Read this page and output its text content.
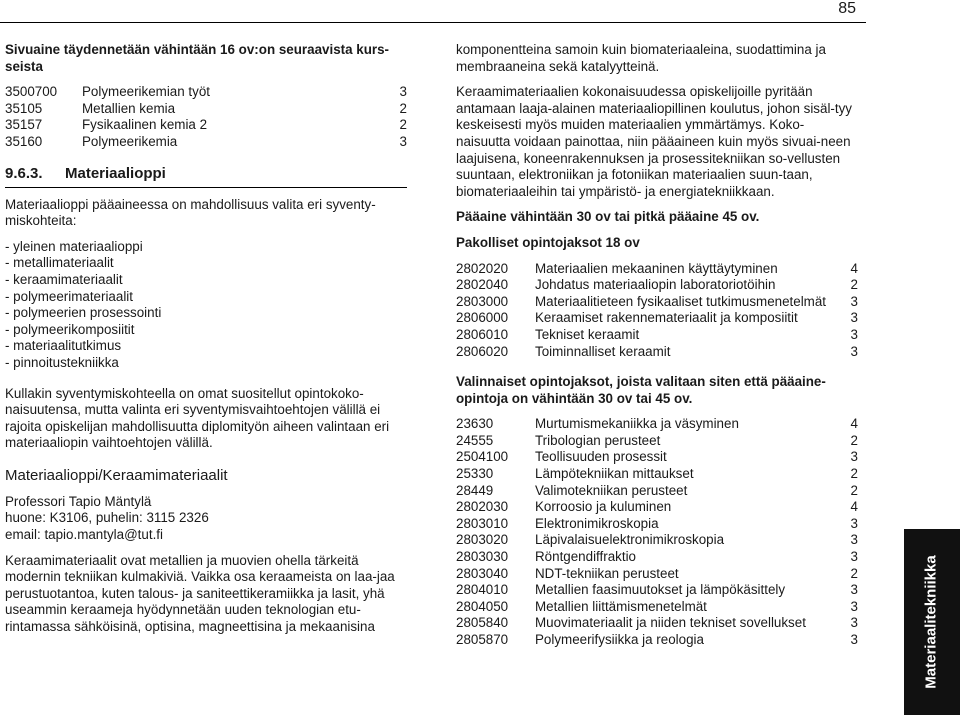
85

Sivuaine täydennetään vähintään 16 ov:on seuraavista kurs-seista

3500700	Polymeerikemian työt	3
35105	Metallien kemia	2
35157	Fysikaalinen kemia 2	2
35160	Polymeerikemia	3
9.6.3.	Materiaalioppi

Materiaalioppi pääaineessa on mahdollisuus valita eri syventy-miskohteita:

- yleinen materiaalioppi
- metallimateriaalit
- keraamimateriaalit
- polymeerimateriaalit
- polymeerien prosessointi
- polymeerikomposiitit
- materiaalitutkimus
- pinnoitustekniikka

Kullakin syventymiskohteella on omat suositellut opintokoko-naisuutensa, mutta valinta eri syventymisvaihtoehtojen välillä ei rajoita opiskelijan mahdollisuutta diplomityön aiheen valintaan eri materiaaliopin vaihtoehtojen välillä.

Materiaalioppi/Keraamimateriaalit

Professori Tapio Mäntylä
huone: K3106, puhelin: 3115 2326
email: tapio.mantyla@tut.fi

Keraamimateriaalit ovat metallien ja muovien ohella tärkeitä modernin tekniikan kulmakiviä. Vaikka osa keraameista on laa-jaa perustuotantoa, kuten talous- ja saniteettikeramiikka ja lasit, yhä useammin keraameja hyödynnetään uuden teknologian etu-rintamassa sähköisinä, optisina, magneettisina ja mekaanisina

komponentteina samoin kuin biomateriaaleina, suodattimina ja membraaneina sekä katalyytteinä.

Keraamimateriaalien kokonaisuudessa opiskelijoille pyritään antamaan laaja-alainen materiaaliopillinen koulutus, johon sisäl-tyy keskeisesti myös muiden materiaalien ymmärtämys. Koko-naisuutta voidaan painottaa, niin pääaineen kuin myös sivuai-neen laajuisena, koneenrakennuksen ja prosessitekniikan so-vellusten suuntaan, elektroniikan ja fotoniikan materiaalien suun-taan, biomateriaaleihin tai ympäristö- ja energiatekniikkaan.

Pääaine vähintään 30 ov tai pitkä pääaine 45 ov.

Pakolliset opintojaksot 18 ov

2802020	Materiaalien mekaaninen käyttäytyminen	4
2802040	Johdatus materiaaliopin laboratoriotöihin	2
2803000	Materiaalitieteen fysikaaliset tutkimusmenetelmät	3
2806000	Keraamiset rakennemateriaalit ja komposiitit	3
2806010	Tekniset keraamit	3
2806020	Toiminnalliset keraamit	3

Valinnaiset opintojaksot, joista valitaan siten että pääaine-opintoja on vähintään 30 ov tai 45 ov.

23630	Murtumismekaniikka ja väsyminen	4
24555	Tribologian perusteet	2
2504100	Teollisuuden prosessit	3
25330	Lämpötekniikan mittaukset	2
28449	Valimotekniikan perusteet	2
2802030	Korroosio ja kuluminen	4
2803010	Elektronimikroskopia	3
2803020	Läpivalaisuelektronimikroskopia	3
2803030	Röntgendiffraktio	3
2803040	NDT-tekniikan perusteet	2
2804010	Metallien faasimuutokset ja lämpökäsittely	3
2804050	Metallien liittämismenetelmät	3
2805840	Muovimateriaalit ja niiden tekniset sovellukset	3
2805870	Polymeerifysiikka ja reologia	3	Materiaalitekniikka
